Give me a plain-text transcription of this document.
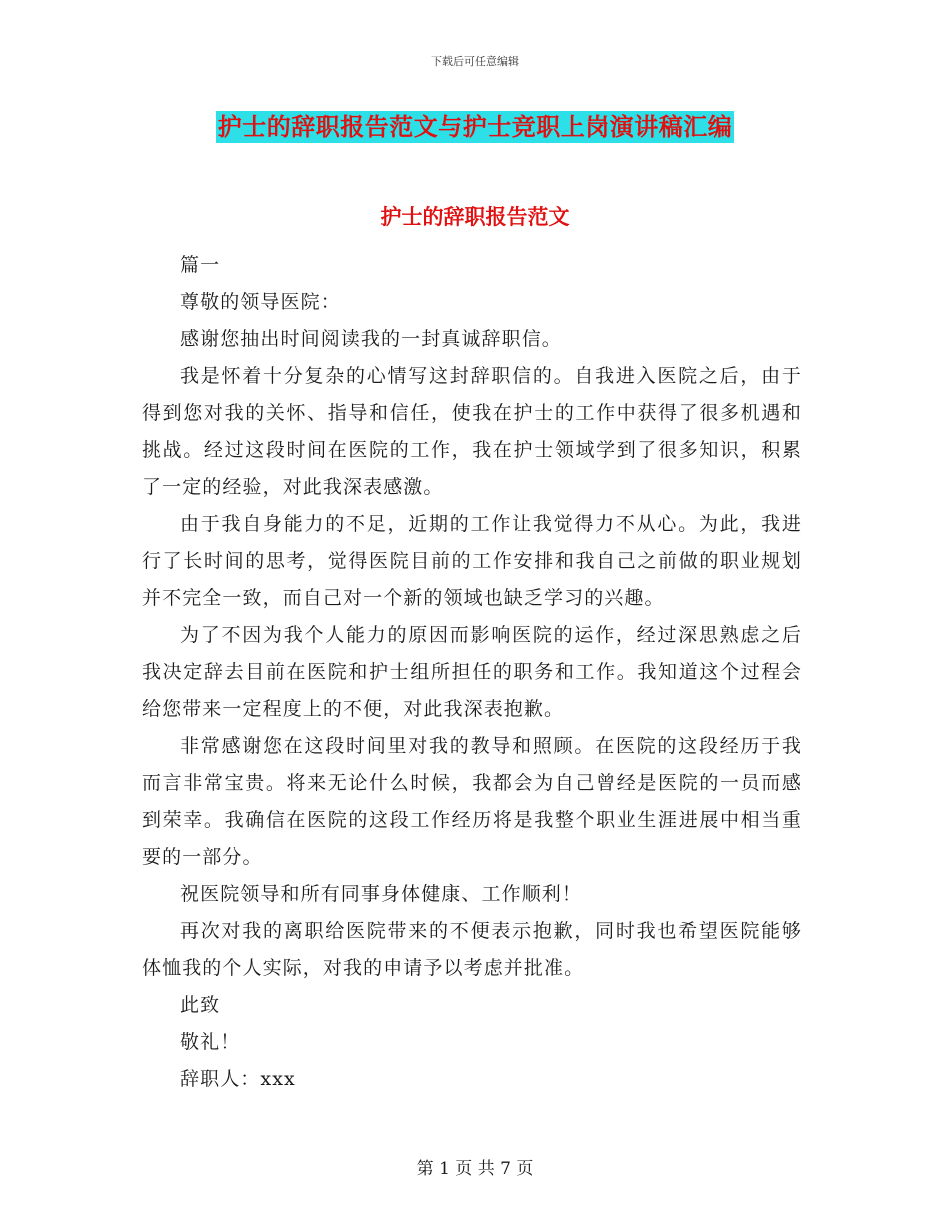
下载后可任意编辑
护士的辞职报告范文与护士竞职上岗演讲稿汇编
护士的辞职报告范文

篇一

尊敬的领导医院：

感谢您抽出时间阅读我的一封真诚辞职信。

我是怀着十分复杂的心情写这封辞职信的。自我进入医院之后，由于得到您对我的关怀、指导和信任，使我在护士的工作中获得了很多机遇和挑战。经过这段时间在医院的工作，我在护士领域学到了很多知识，积累了一定的经验，对此我深表感激。

由于我自身能力的不足，近期的工作让我觉得力不从心。为此，我进行了长时间的思考，觉得医院目前的工作安排和我自己之前做的职业规划并不完全一致，而自己对一个新的领域也缺乏学习的兴趣。

为了不因为我个人能力的原因而影响医院的运作，经过深思熟虑之后我决定辞去目前在医院和护士组所担任的职务和工作。我知道这个过程会给您带来一定程度上的不便，对此我深表抱歉。

非常感谢您在这段时间里对我的教导和照顾。在医院的这段经历于我而言非常宝贵。将来无论什么时候，我都会为自己曾经是医院的一员而感到荣幸。我确信在医院的这段工作经历将是我整个职业生涯进展中相当重要的一部分。

祝医院领导和所有同事身体健康、工作顺利！

再次对我的离职给医院带来的不便表示抱歉，同时我也希望医院能够体恤我的个人实际，对我的申请予以考虑并批准。

此致

敬礼！

辞职人：xxx

第 1 页 共 7 页
